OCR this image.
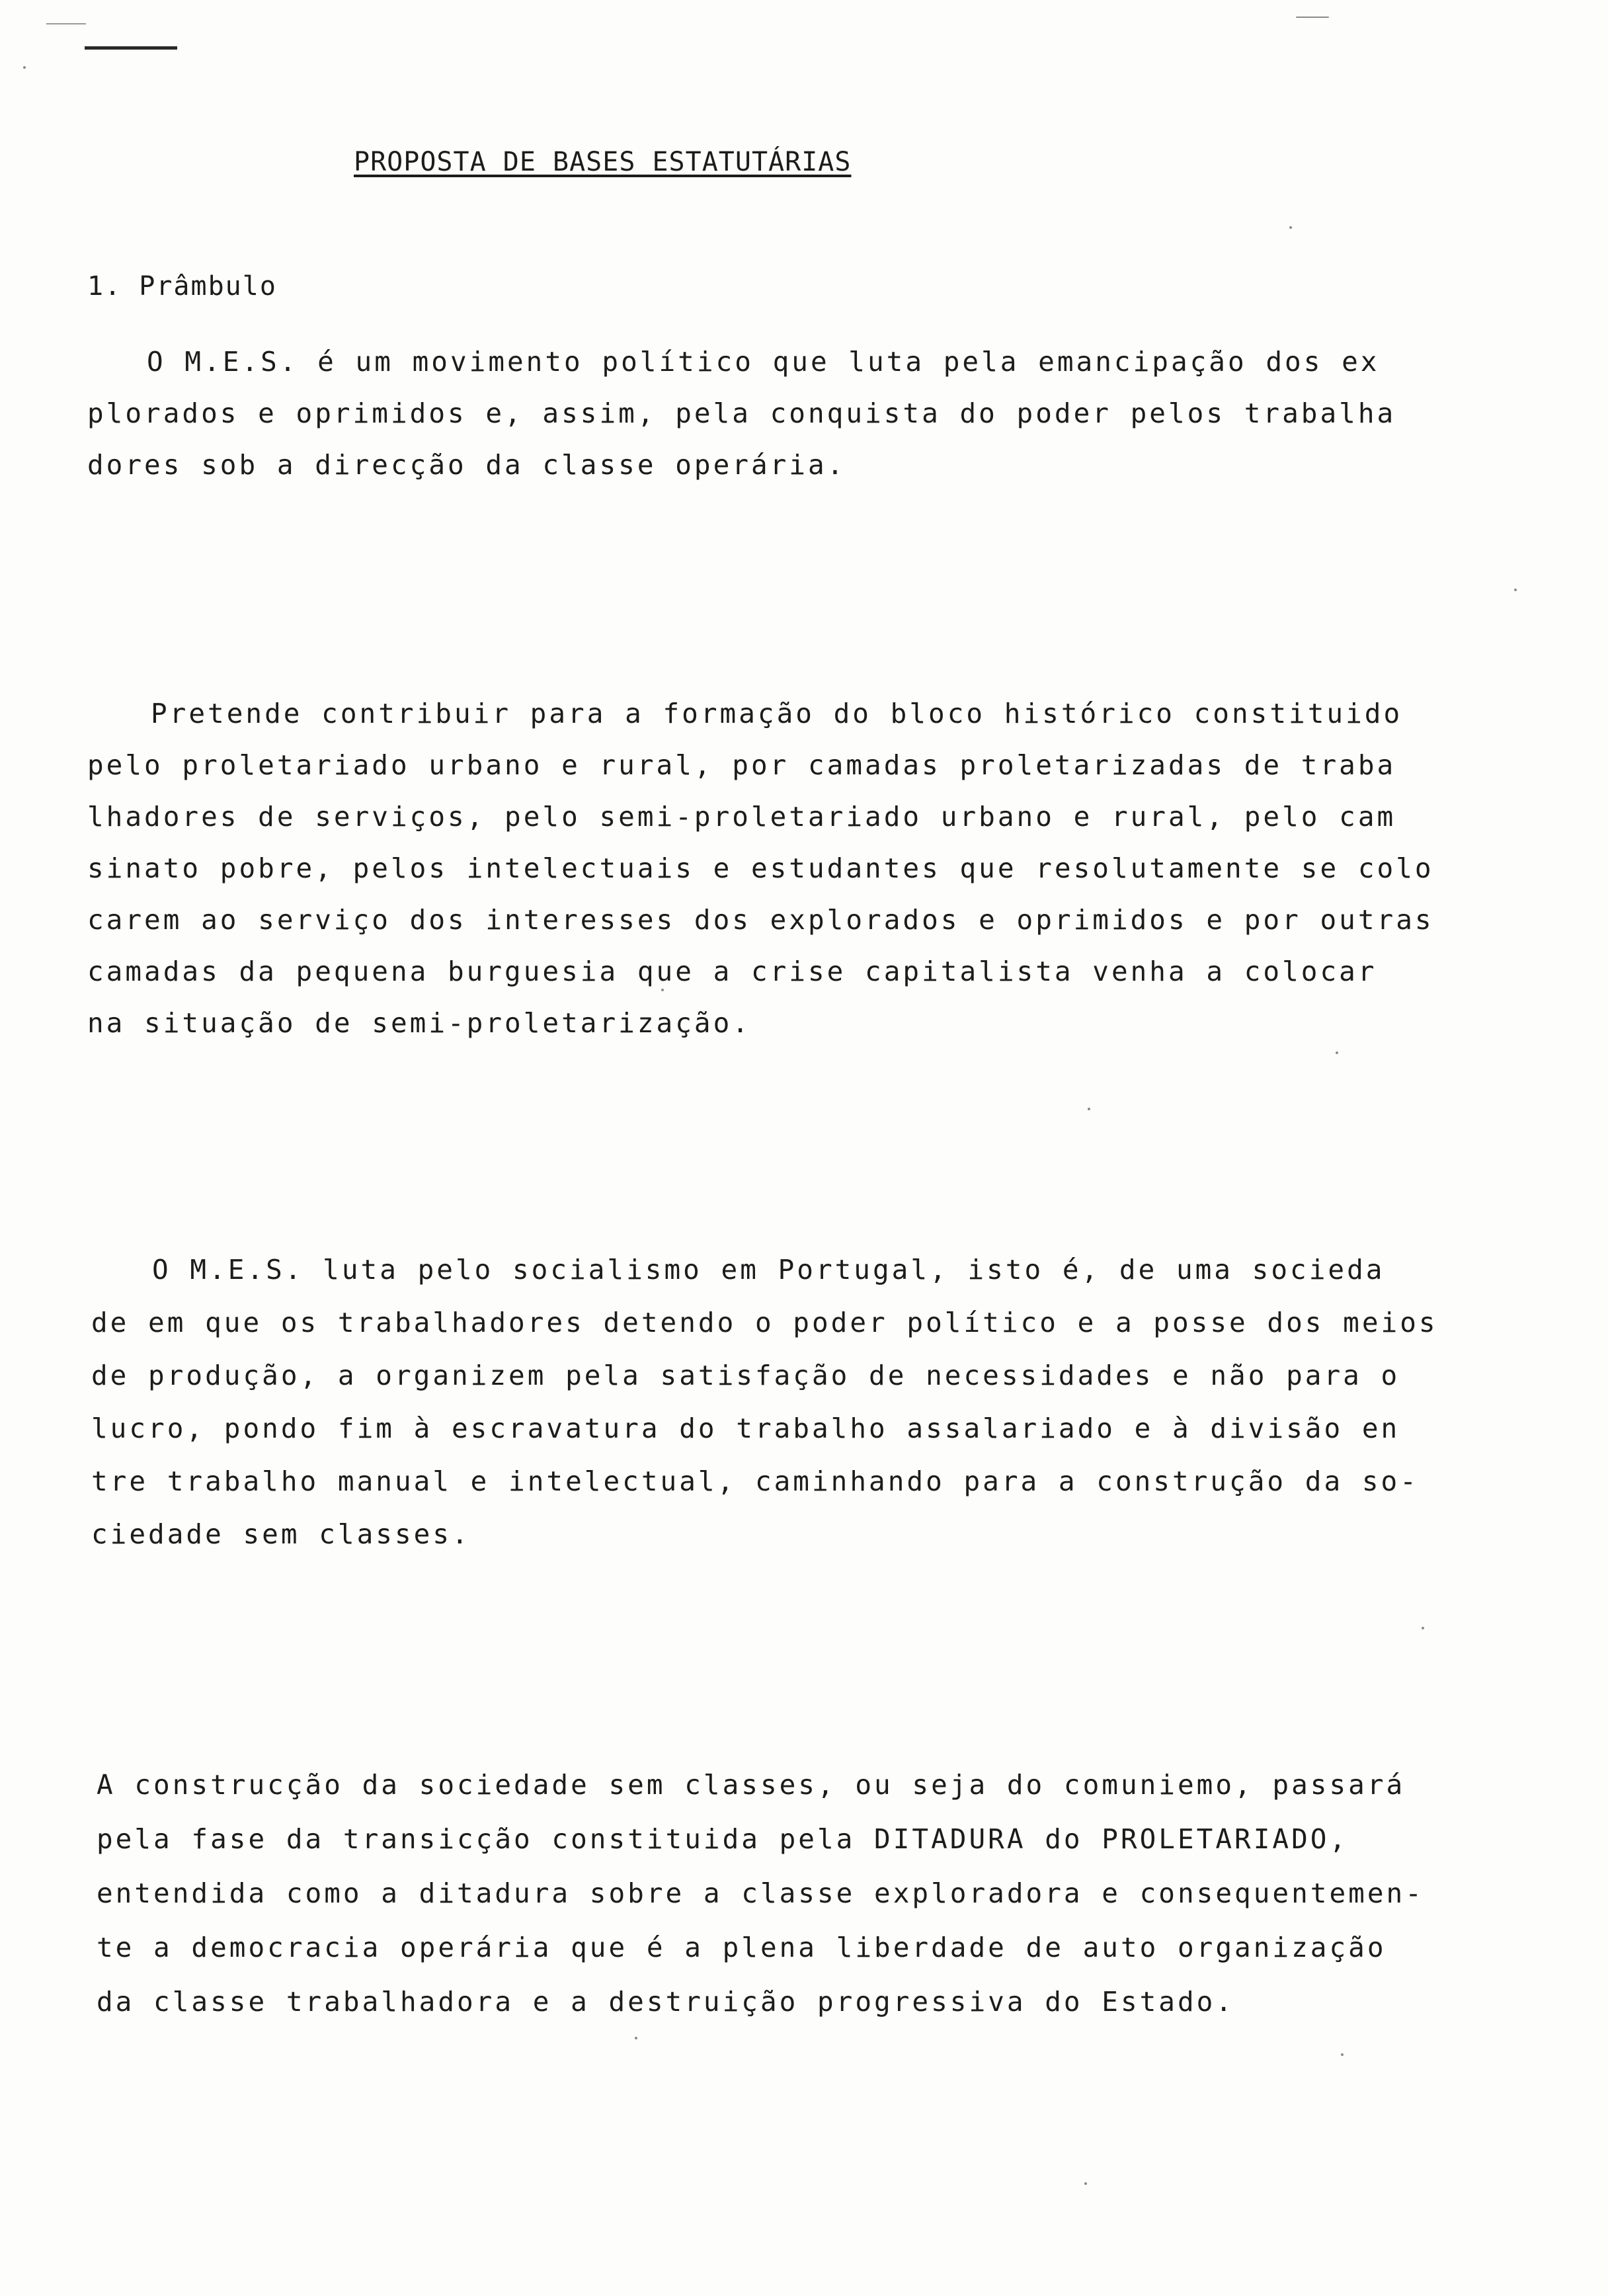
PROPOSTA DE BASES ESTATUTÁRIAS
1. Prâmbulo
O M.E.S. é um movimento político que luta pela emancipação dos ex
plorados e oprimidos e, assim, pela conquista do poder pelos trabalha
dores sob a direcção da classe operária.
Pretende contribuir para a formação do bloco histórico constituido
pelo proletariado urbano e rural, por camadas proletarizadas de traba
lhadores de serviços, pelo semi-proletariado urbano e rural, pelo cam
sinato pobre, pelos intelectuais e estudantes que resolutamente se colo
carem ao serviço dos interesses dos explorados e oprimidos e por outras
camadas da pequena burguesia que a crise capitalista venha a colocar
na situação de semi-proletarização.
O M.E.S. luta pelo socialismo em Portugal, isto é, de uma socieda
de em que os trabalhadores detendo o poder político e a posse dos meios
de produção, a organizem pela satisfação de necessidades e não para o
lucro, pondo fim à escravatura do trabalho assalariado e à divisão en
tre trabalho manual e intelectual, caminhando para a construção da so-
ciedade sem classes.
A construcção da sociedade sem classes, ou seja do comuniemo, passará
pela fase da transicção constituida pela DITADURA do PROLETARIADO,
entendida como a ditadura sobre a classe exploradora e consequentemen-
te a democracia operária que é a plena liberdade de auto organização
da classe trabalhadora e a destruição progressiva do Estado.
